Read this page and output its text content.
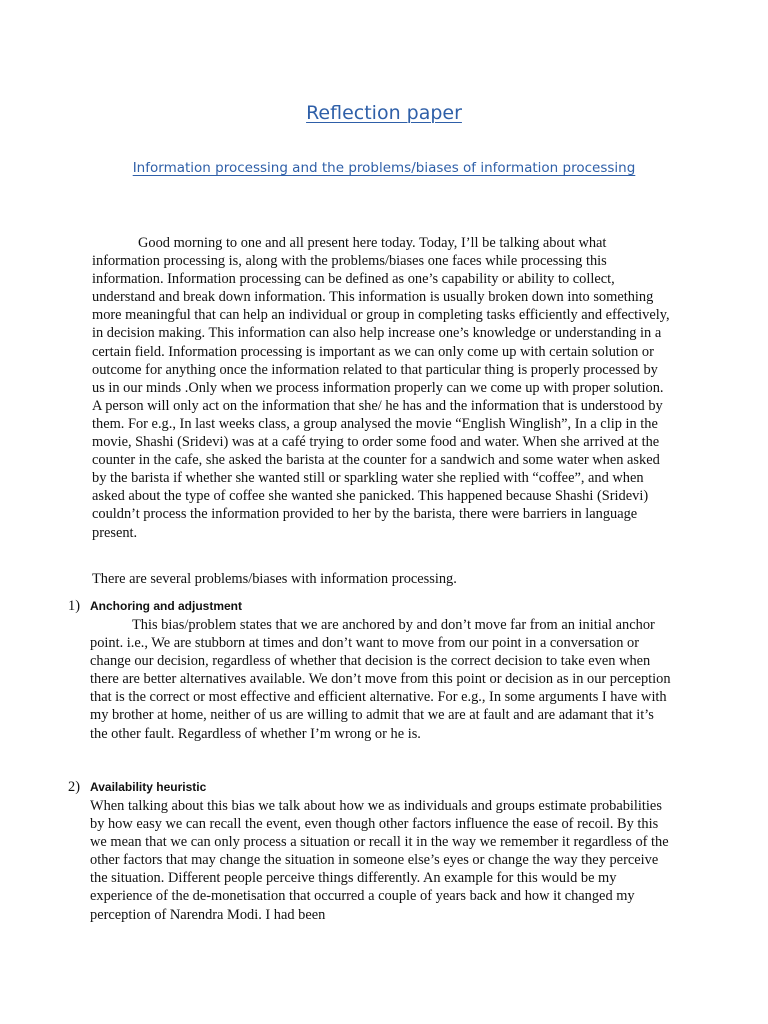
Reflection paper

Information processing and the problems/biases of information processing

Good morning to one and all present here today. Today, I’ll be talking about what information processing is, along with the problems/biases one faces while processing this information. Information processing can be defined as one’s capability or ability to collect, understand and break down information. This information is usually broken down into something more meaningful that can help an individual or group in completing tasks efficiently and effectively, in decision making. This information can also help increase one’s knowledge or understanding in a certain field. Information processing is important as we can only come up with certain solution or outcome for anything once the information related to that particular thing is properly processed by us in our minds .Only when we process information properly can we come up with proper solution. A person will only act on the information that she/ he has and the information that is understood by them. For e.g., In last weeks class, a group analysed the movie “English Winglish”, In a clip in the movie, Shashi (Sridevi) was at a café trying to order some food and water. When she arrived at the counter in the cafe, she asked the barista at the counter for a sandwich and some water when asked by the barista if whether she wanted still or sparkling water she replied with “coffee”, and when asked about the type of coffee she wanted she panicked. This happened because Shashi (Sridevi) couldn’t process the information provided to her by the barista, there were barriers in language present.

There are several problems/biases with information processing.

1) Anchoring and adjustment

This bias/problem states that we are anchored by and don’t move far from an initial anchor point. i.e., We are stubborn at times and don’t want to move from our point in a conversation or change our decision, regardless of whether that decision is the correct decision to take even when there are better alternatives available. We don’t move from this point or decision as in our perception that is the correct or most effective and efficient alternative. For e.g., In some arguments I have with my brother at home, neither of us are willing to admit that we are at fault and are adamant that it’s the other fault. Regardless of whether I’m wrong or he is.

2) Availability heuristic

When talking about this bias we talk about how we as individuals and groups estimate probabilities by how easy we can recall the event, even though other factors influence the ease of recoil. By this we mean that we can only process a situation or recall it in the way we remember it regardless of the other factors that may change the situation in someone else’s eyes or change the way they perceive the situation. Different people perceive things differently. An example for this would be my experience of the de-monetisation that occurred a couple of years back and how it changed my perception of Narendra Modi. I had been
